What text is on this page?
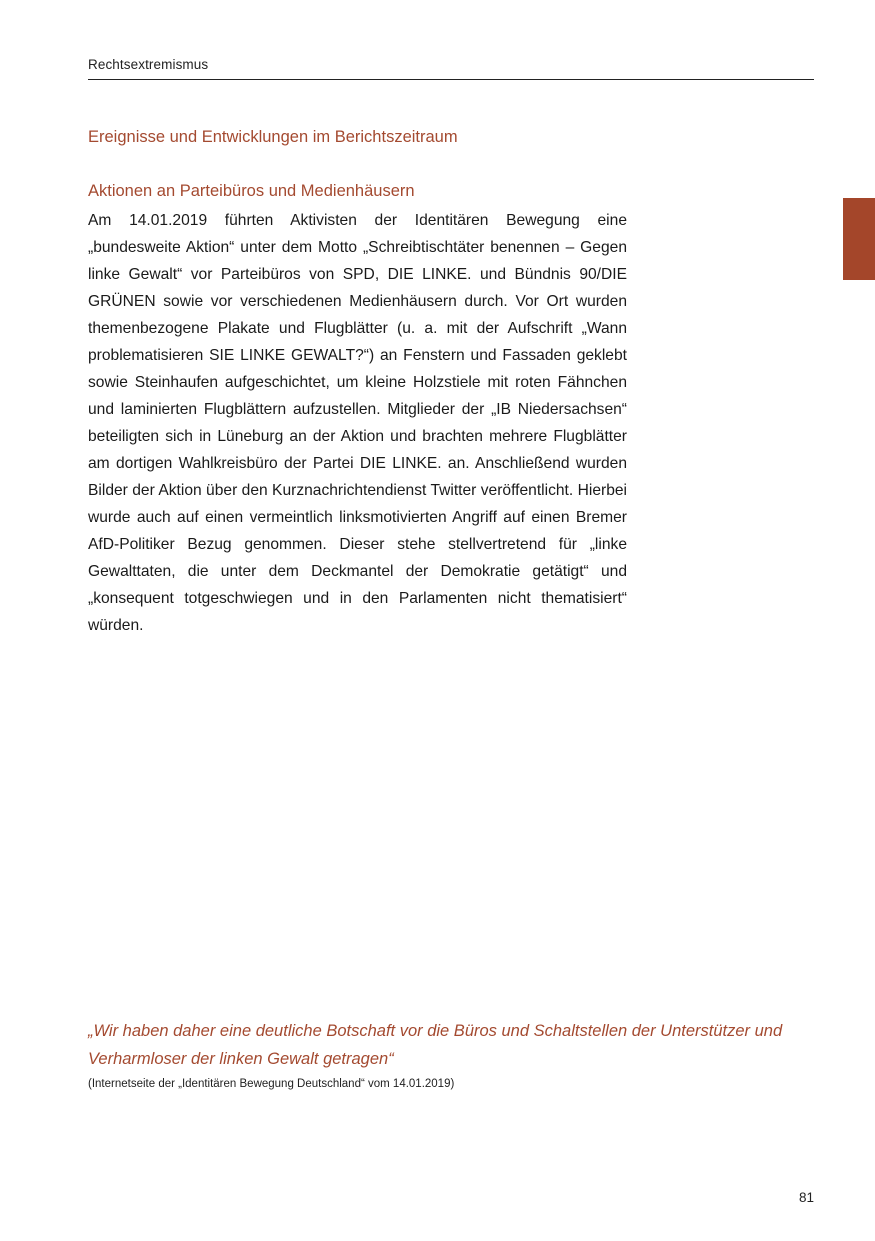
Rechtsextremismus
Ereignisse und Entwicklungen im Berichtszeitraum
Aktionen an Parteibüros und Medienhäusern

Am 14.01.2019 führten Aktivisten der Identitären Bewegung eine „bundesweite Aktion“ unter dem Motto „Schreibtischtäter benennen – Gegen linke Gewalt“ vor Parteibüros von SPD, DIE LINKE. und Bündnis 90/DIE GRÜNEN sowie vor verschiedenen Medienhäusern durch. Vor Ort wurden themenbezogene Plakate und Flugblätter (u. a. mit der Aufschrift „Wann problematisieren SIE LINKE GEWALT?“) an Fenstern und Fassaden geklebt sowie Steinhaufen aufgeschichtet, um kleine Holzstiele mit roten Fähnchen und laminierten Flugblättern aufzustellen. Mitglieder der „IB Niedersachsen“ beteiligten sich in Lüneburg an der Aktion und brachten mehrere Flugblätter am dortigen Wahlkreisbüro der Partei DIE LINKE. an. Anschließend wurden Bilder der Aktion über den Kurznachrichtendienst Twitter veröffentlicht. Hierbei wurde auch auf einen vermeintlich linksmotivierten Angriff auf einen Bremer AfD-Politiker Bezug genommen. Dieser stehe stellvertretend für „linke Gewalttaten, die unter dem Deckmantel der Demokratie getätigt“ und „konsequent totgeschwiegen und in den Parlamenten nicht thematisiert“ würden.

„Wir haben daher eine deutliche Botschaft vor die Büros und Schaltstellen der Unterstützer und Verharmloser der linken Gewalt getragen“

(Internetseite der „Identitären Bewegung Deutschland“ vom 14.01.2019)
81
